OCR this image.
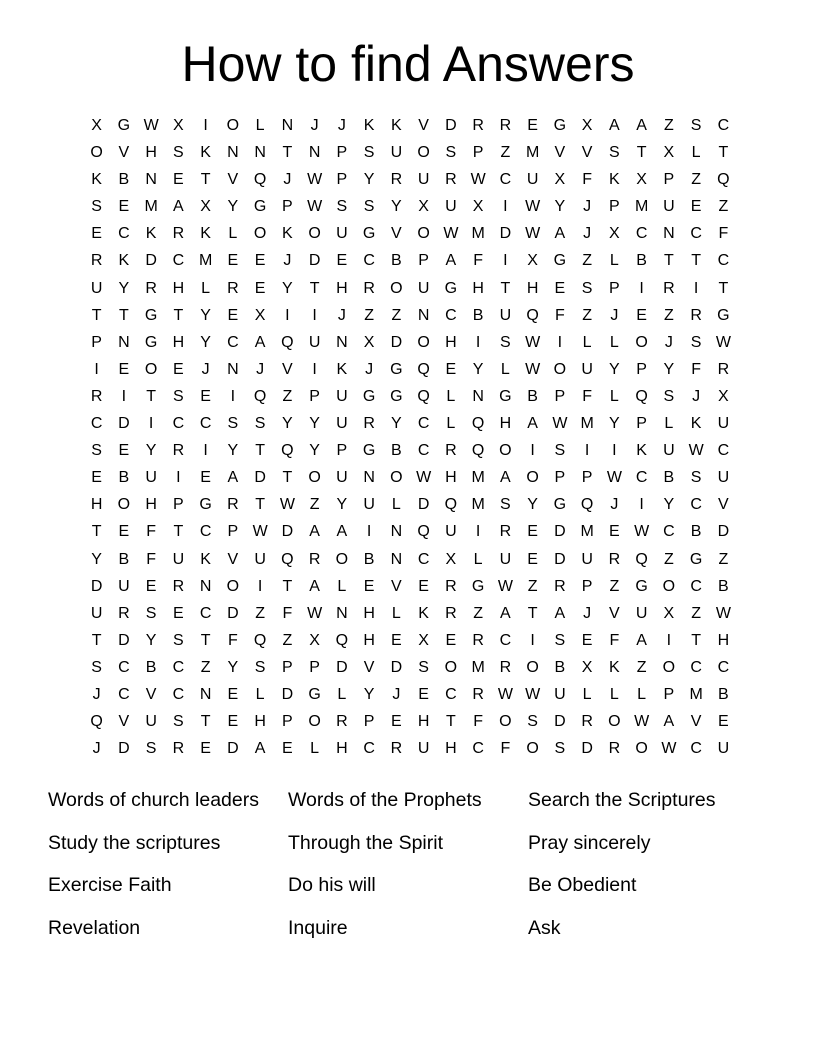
How to find Answers
X G W X	I	O	L	N	J	J	K	K	V	D R R	E G X	A	A	Z	S	C
O V	H	S	K	N N	T	N	P	S	U O S	P	Z M V	V	S	T	X	L	T
K	B	N	E	T	V Q	J W P	Y	R U R W C U	X	F	K	X	P	Z	Q
S	E M A	X	Y G P W S	S	Y	X	U	X	I	W Y	J	P M U	E	Z
E	C	K	R	K	L	O K O U G V O W M D W A	J	X	C N C	F
R	K	D C M E	E	J	D	E	C	B	P	A	F	I	X G	Z	L	B	T	T	C
U	Y	R H	L	R	E	Y	T	H R O U G H	T	H	E	S	P	I	R	I	T
T	T	G	T	Y	E	X	I	I	J	Z	Z	N C	B	U Q	F	Z	J	E	Z	R G
P	N G H	Y	C	A Q U N	X	D O H	I	S W	I	L	L	O	J	S W
I	E O E	J	N	J	V	I	K	J	G Q E	Y	L W O U	Y	P	Y	F	R
R	I	T	S	E	I	Q	Z	P	U G G Q	L	N G B	P	F	L	Q S	J	X
C D	I	C C	S	S	Y	Y	U R	Y	C	L	Q H	A W M Y	P	L	K	U
S	E	Y	R	I	Y	T	Q Y	P G B	C R Q O	I	S	I	I	K	U W C
E	B	U	I	E	A	D	T	O U N O W H M A O P	P W C	B	S	U
H O H	P G R	T W Z	Y	U	L	D Q M S	Y G Q	J	I	Y	C	V
T	E	F	T	C	P W D	A	A	I	N Q U	I	R	E	D M E W C	B	D
Y	B	F	U	K	V	U Q R O B	N C	X	L	U	E	D U R Q	Z	G	Z
D U	E	R N O	I	T	A	L	E	V	E	R G W Z	R	P	Z	G O C	B
U R	S	E	C D	Z	F W N H	L	K	R	Z	A	T	A	J	V	U	X	Z W
T	D	Y	S	T	F	Q	Z	X Q H	E	X	E	R C	I	S	E	F	A	I	T	H
S	C	B	C	Z	Y	S	P	P	D	V	D	S O M R O B	X	K	Z	O C C
J	C	V	C N	E	L	D G	L	Y	J	E	C R W W U	L	L	L	P M B
Q V	U	S	T	E	H	P O R	P	E	H	T	F	O S	D R O W A	V	E
J	D	S	R	E	D	A	E	L	H C R U H C	F	O S	D R O W C U
Words of church leaders	Words of the Prophets	Search the Scriptures
Study the scriptures	Through the Spirit	Pray sincerely
Exercise Faith	Do his will	Be Obedient
Revelation	Inquire	Ask
